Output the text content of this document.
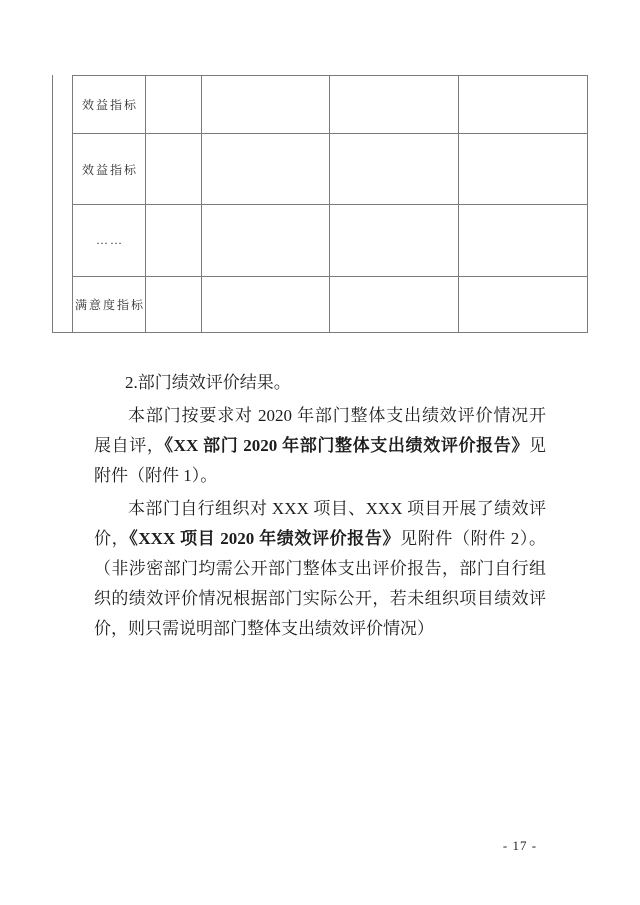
效益指标
效益指标
……
满意度指标
2.部门绩效评价结果。
本部门按要求对 2020 年部门整体支出绩效评价情况开
展自评，《XX 部门 2020 年部门整体支出绩效评价报告》见
附件（附件 1）。
本部门自行组织对 XXX 项目、XXX 项目开展了绩效评
价，《XXX 项目 2020 年绩效评价报告》见附件（附件 2）。
（非涉密部门均需公开部门整体支出评价报告，部门自行组
织的绩效评价情况根据部门实际公开，若未组织项目绩效评
价，则只需说明部门整体支出绩效评价情况）
- 17 -
